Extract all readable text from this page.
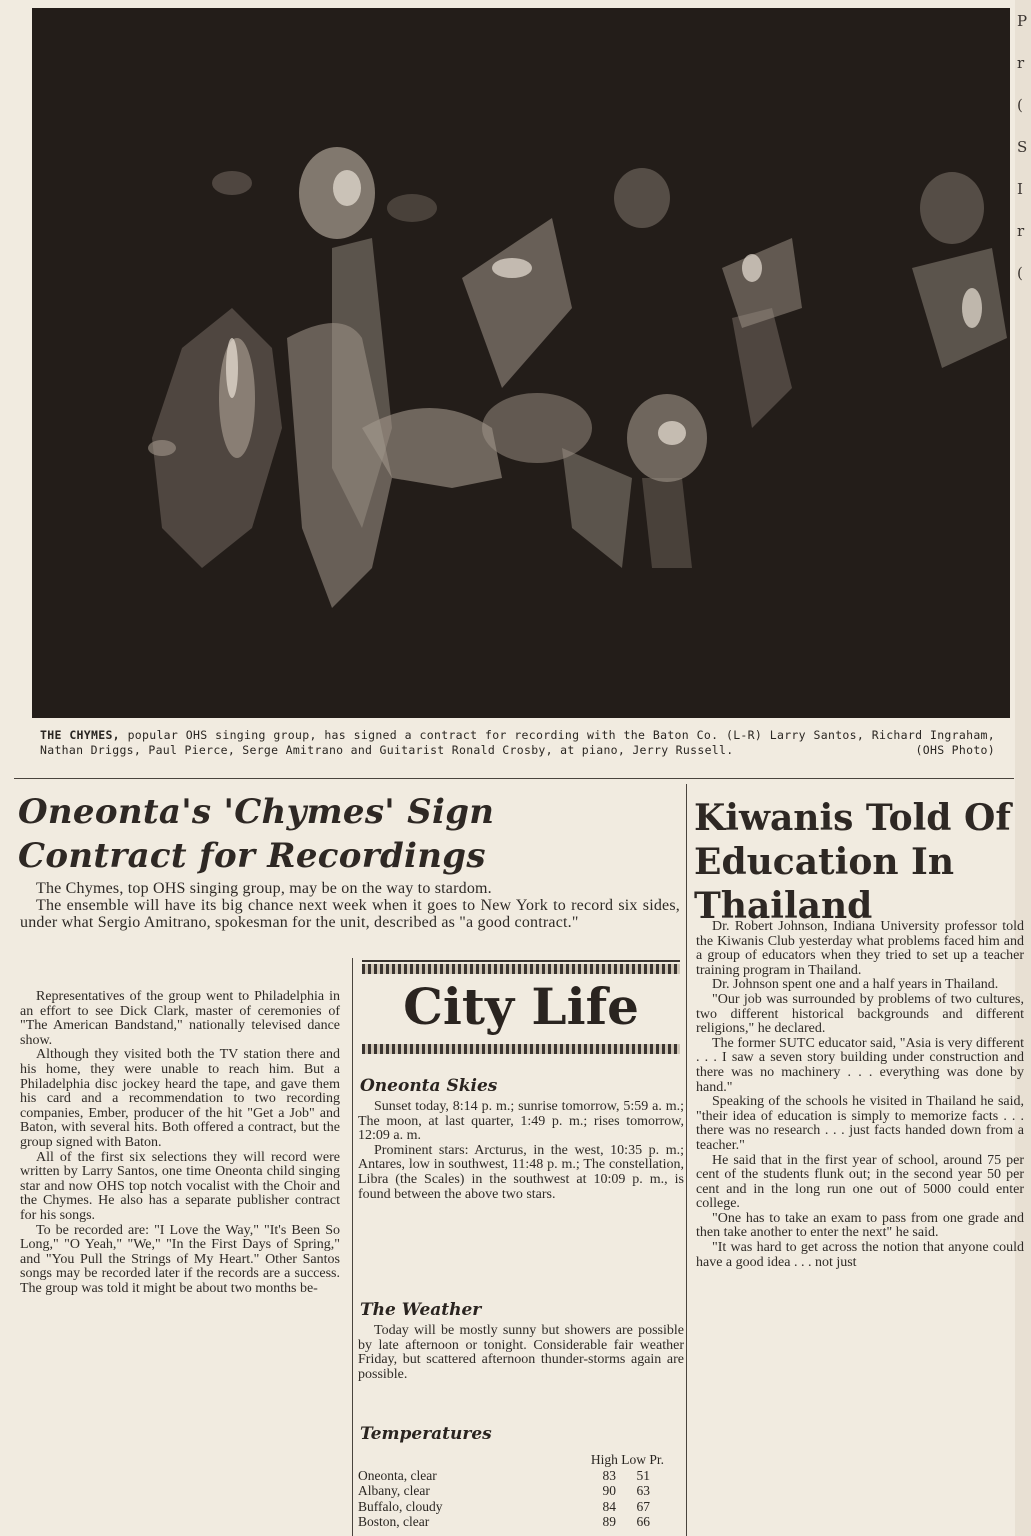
P
r
(
S
I
r
(
THE CHYMES, popular OHS singing group, has signed a contract for recording with the Baton Co. (L-R) Larry Santos, Richard Ingraham, Nathan Driggs, Paul Pierce, Serge Amitrano and Guitarist Ronald Crosby, at piano, Jerry Russell.	(OHS Photo)
Oneonta's 'Chymes' Sign Contract for Recordings

The Chymes, top OHS singing group, may be on the way to stardom.

The ensemble will have its big chance next week when it goes to New York to record six sides, under what Sergio Amitrano, spokesman for the unit, described as "a good contract."

Representatives of the group went to Philadelphia in an effort to see Dick Clark, master of ceremonies of "The American Bandstand," nationally televised dance show.

Although they visited both the TV station there and his home, they were unable to reach him. But a Philadelphia disc jockey heard the tape, and gave them his card and a recommendation to two recording companies, Ember, producer of the hit "Get a Job" and Baton, with several hits. Both offered a contract, but the group signed with Baton.

All of the first six selections they will record were written by Larry Santos, one time Oneonta child singing star and now OHS top notch vocalist with the Choir and the Chymes. He also has a separate publisher contract for his songs.

To be recorded are: "I Love the Way," "It's Been So Long," "O Yeah," "We," "In the First Days of Spring," and "You Pull the Strings of My Heart." Other Santos songs may be recorded later if the records are a success. The group was told it might be about two months be-

City Life
Oneonta Skies

Sunset today, 8:14 p. m.; sunrise tomorrow, 5:59 a. m.; The moon, at last quarter, 1:49 p. m.; rises tomorrow, 12:09 a. m.

Prominent stars: Arcturus, in the west, 10:35 p. m.; Antares, low in southwest, 11:48 p. m.; The constellation, Libra (the Scales) in the southwest at 10:09 p. m., is found between the above two stars.

The Weather

Today will be mostly sunny but showers are possible by late afternoon or tonight. Considerable fair weather Friday, but scattered afternoon thunder-storms again are possible.

Temperatures
High Low Pr.
Oneonta, clear	83	51
Albany, clear	90	63
Buffalo, cloudy	84	67
Boston, clear	89	66
Kiwanis Told Of Education In Thailand

Dr. Robert Johnson, Indiana University professor told the Kiwanis Club yesterday what problems faced him and a group of educators when they tried to set up a teacher training program in Thailand.

Dr. Johnson spent one and a half years in Thailand.

"Our job was surrounded by problems of two cultures, two different historical backgrounds and different religions," he declared.

The former SUTC educator said, "Asia is very different . . . I saw a seven story building under construction and there was no machinery . . . everything was done by hand."

Speaking of the schools he visited in Thailand he said, "their idea of education is simply to memorize facts . . . there was no research . . . just facts handed down from a teacher."

He said that in the first year of school, around 75 per cent of the students flunk out; in the second year 50 per cent and in the long run one out of 5000 could enter college.

"One has to take an exam to pass from one grade and then take another to enter the next" he said.

"It was hard to get across the notion that anyone could have a good idea . . . not just
